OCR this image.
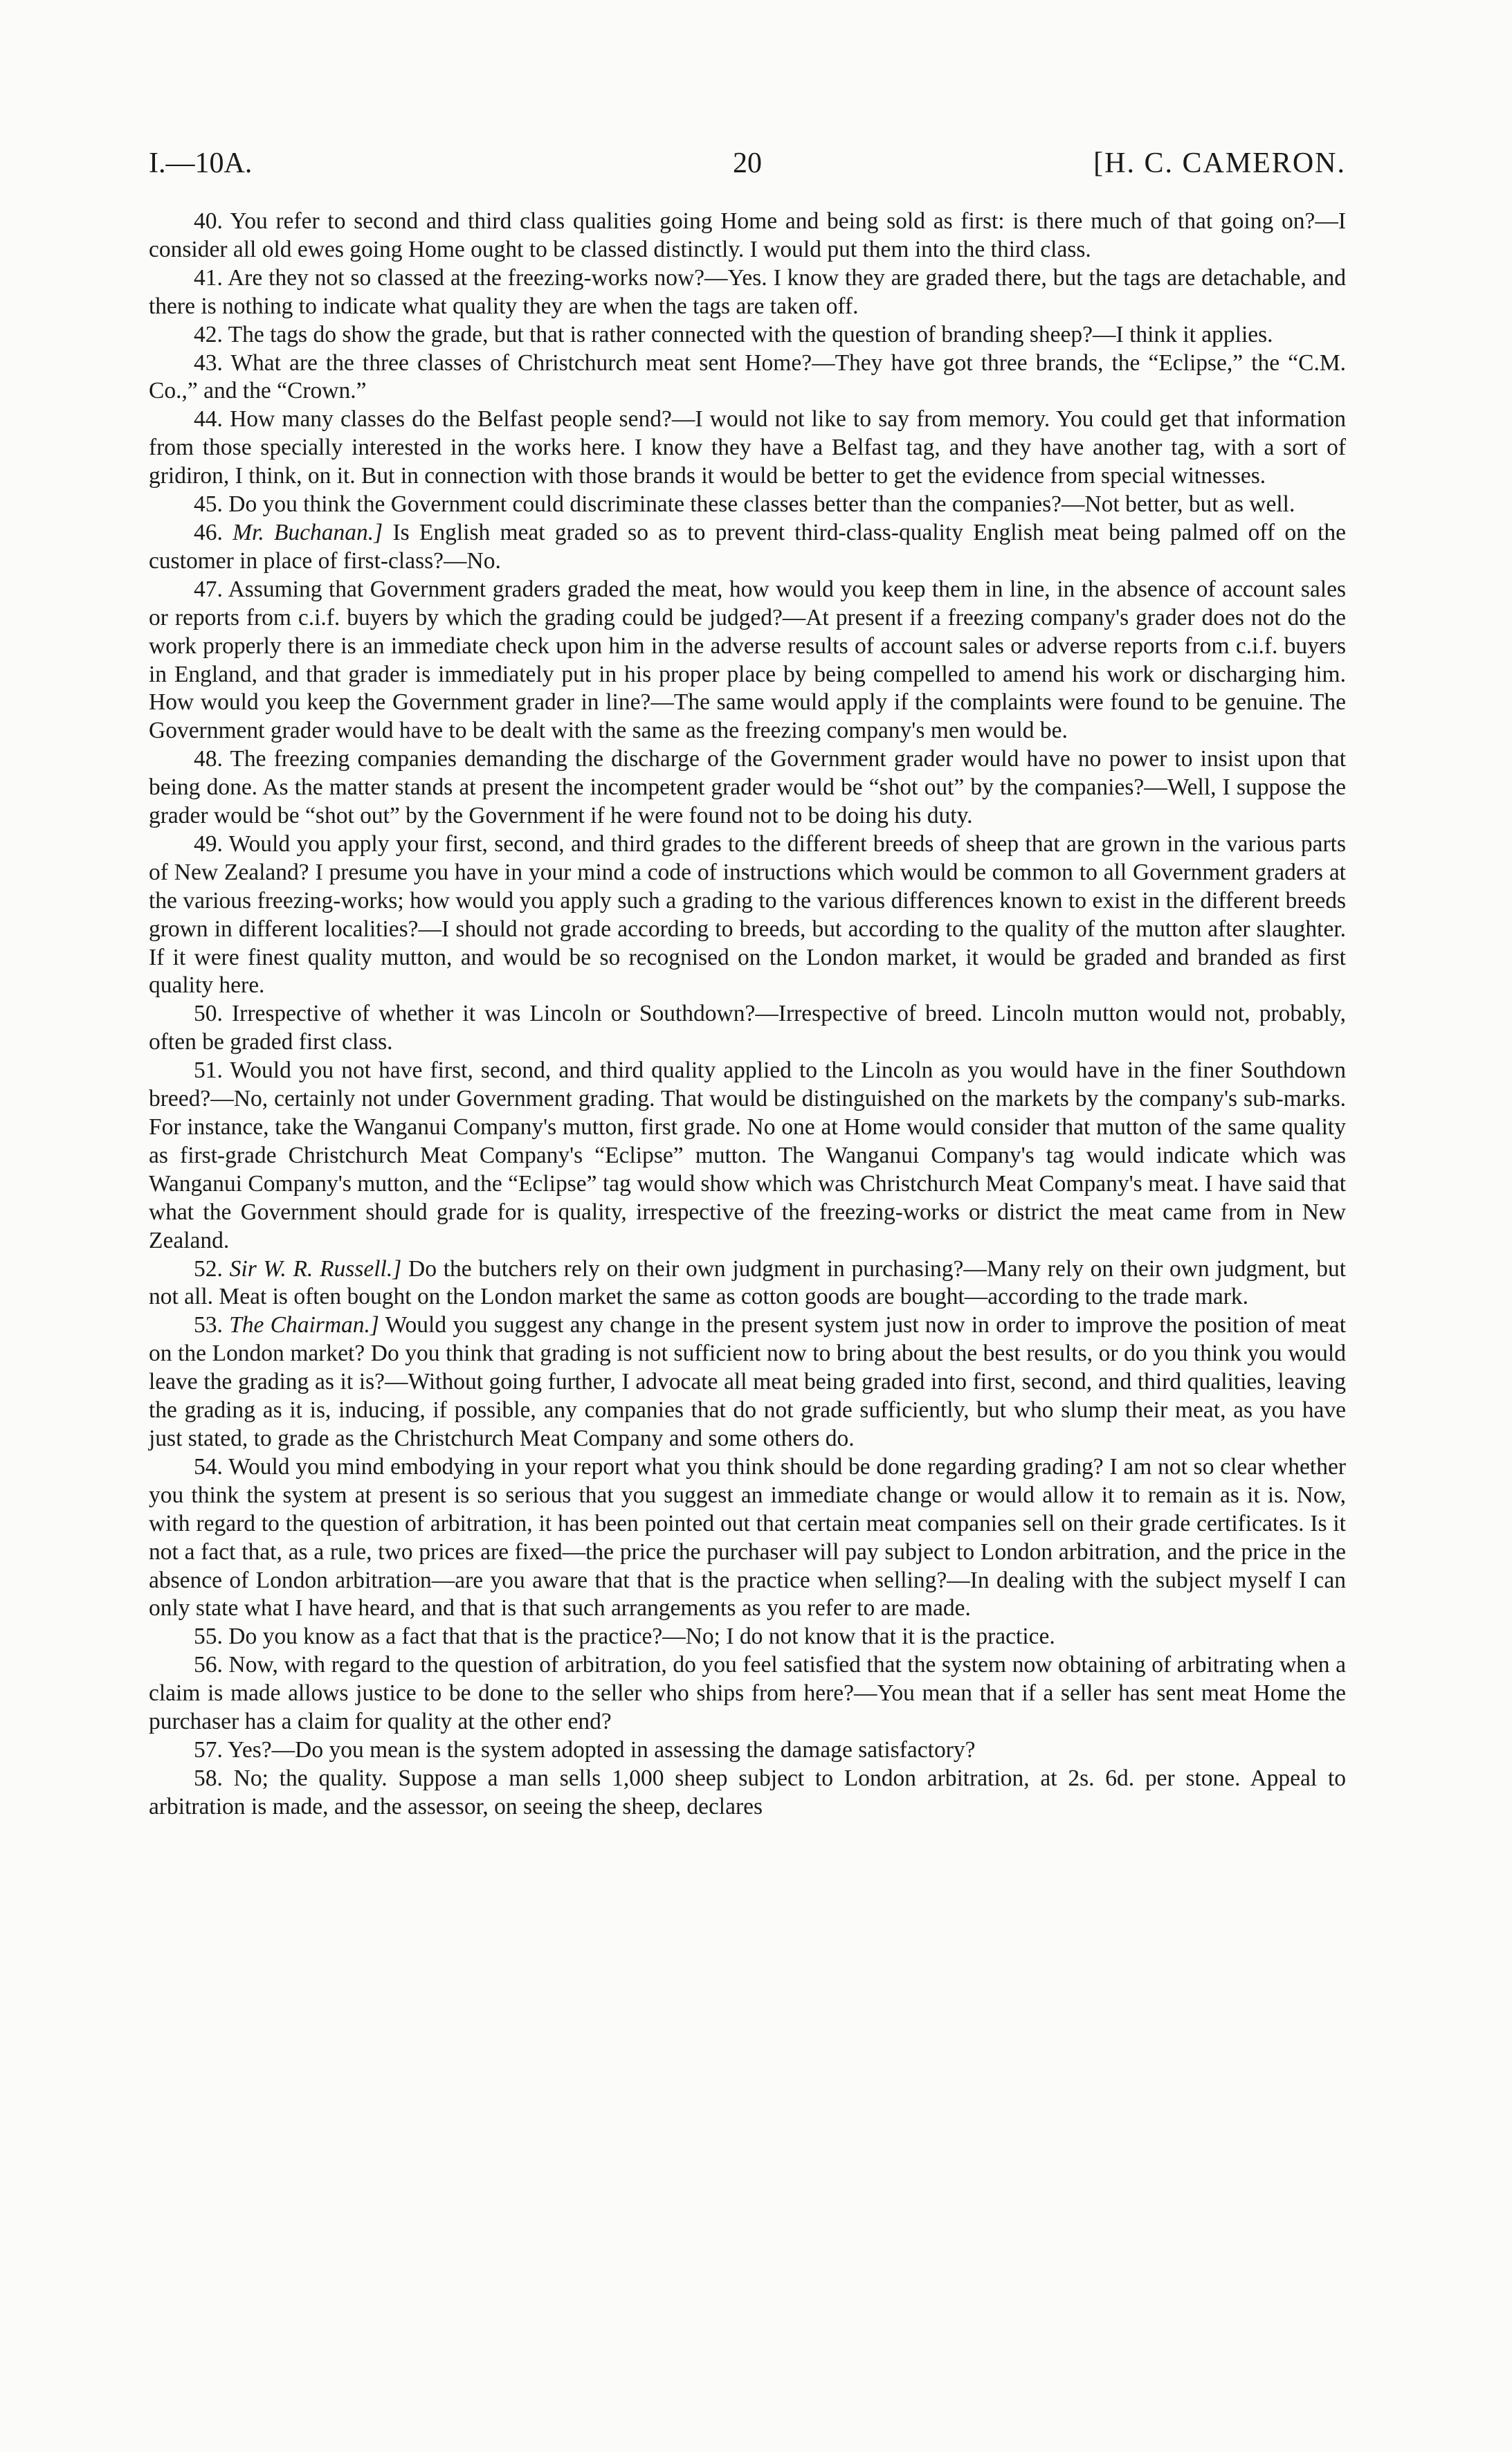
I.—10A.	20	[H. C. CAMERON.

40. You refer to second and third class qualities going Home and being sold as first: is there much of that going on?—I consider all old ewes going Home ought to be classed distinctly. I would put them into the third class.

41. Are they not so classed at the freezing-works now?—Yes. I know they are graded there, but the tags are detachable, and there is nothing to indicate what quality they are when the tags are taken off.

42. The tags do show the grade, but that is rather connected with the question of branding sheep?—I think it applies.

43. What are the three classes of Christchurch meat sent Home?—They have got three brands, the “Eclipse,” the “C.M. Co.,” and the “Crown.”

44. How many classes do the Belfast people send?—I would not like to say from memory. You could get that information from those specially interested in the works here. I know they have a Belfast tag, and they have another tag, with a sort of gridiron, I think, on it. But in connection with those brands it would be better to get the evidence from special witnesses.

45. Do you think the Government could discriminate these classes better than the companies?—Not better, but as well.

46. Mr. Buchanan.] Is English meat graded so as to prevent third-class-quality English meat being palmed off on the customer in place of first-class?—No.

47. Assuming that Government graders graded the meat, how would you keep them in line, in the absence of account sales or reports from c.i.f. buyers by which the grading could be judged?—At present if a freezing company's grader does not do the work properly there is an immediate check upon him in the adverse results of account sales or adverse reports from c.i.f. buyers in England, and that grader is immediately put in his proper place by being compelled to amend his work or discharging him. How would you keep the Government grader in line?—The same would apply if the complaints were found to be genuine. The Government grader would have to be dealt with the same as the freezing company's men would be.

48. The freezing companies demanding the discharge of the Government grader would have no power to insist upon that being done. As the matter stands at present the incompetent grader would be “shot out” by the companies?—Well, I suppose the grader would be “shot out” by the Government if he were found not to be doing his duty.

49. Would you apply your first, second, and third grades to the different breeds of sheep that are grown in the various parts of New Zealand? I presume you have in your mind a code of instructions which would be common to all Government graders at the various freezing-works; how would you apply such a grading to the various differences known to exist in the different breeds grown in different localities?—I should not grade according to breeds, but according to the quality of the mutton after slaughter. If it were finest quality mutton, and would be so recognised on the London market, it would be graded and branded as first quality here.

50. Irrespective of whether it was Lincoln or Southdown?—Irrespective of breed. Lincoln mutton would not, probably, often be graded first class.

51. Would you not have first, second, and third quality applied to the Lincoln as you would have in the finer Southdown breed?—No, certainly not under Government grading. That would be distinguished on the markets by the company's sub-marks. For instance, take the Wanganui Company's mutton, first grade. No one at Home would consider that mutton of the same quality as first-grade Christchurch Meat Company's “Eclipse” mutton. The Wanganui Company's tag would indicate which was Wanganui Company's mutton, and the “Eclipse” tag would show which was Christchurch Meat Company's meat. I have said that what the Government should grade for is quality, irrespective of the freezing-works or district the meat came from in New Zealand.

52. Sir W. R. Russell.] Do the butchers rely on their own judgment in purchasing?—Many rely on their own judgment, but not all. Meat is often bought on the London market the same as cotton goods are bought—according to the trade mark.

53. The Chairman.] Would you suggest any change in the present system just now in order to improve the position of meat on the London market? Do you think that grading is not sufficient now to bring about the best results, or do you think you would leave the grading as it is?—Without going further, I advocate all meat being graded into first, second, and third qualities, leaving the grading as it is, inducing, if possible, any companies that do not grade sufficiently, but who slump their meat, as you have just stated, to grade as the Christchurch Meat Company and some others do.

54. Would you mind embodying in your report what you think should be done regarding grading? I am not so clear whether you think the system at present is so serious that you suggest an immediate change or would allow it to remain as it is. Now, with regard to the question of arbitration, it has been pointed out that certain meat companies sell on their grade certificates. Is it not a fact that, as a rule, two prices are fixed—the price the purchaser will pay subject to London arbitration, and the price in the absence of London arbitration—are you aware that that is the practice when selling?—In dealing with the subject myself I can only state what I have heard, and that is that such arrangements as you refer to are made.

55. Do you know as a fact that that is the practice?—No; I do not know that it is the practice.

56. Now, with regard to the question of arbitration, do you feel satisfied that the system now obtaining of arbitrating when a claim is made allows justice to be done to the seller who ships from here?—You mean that if a seller has sent meat Home the purchaser has a claim for quality at the other end?

57. Yes?—Do you mean is the system adopted in assessing the damage satisfactory?

58. No; the quality. Suppose a man sells 1,000 sheep subject to London arbitration, at 2s. 6d. per stone. Appeal to arbitration is made, and the assessor, on seeing the sheep, declares
